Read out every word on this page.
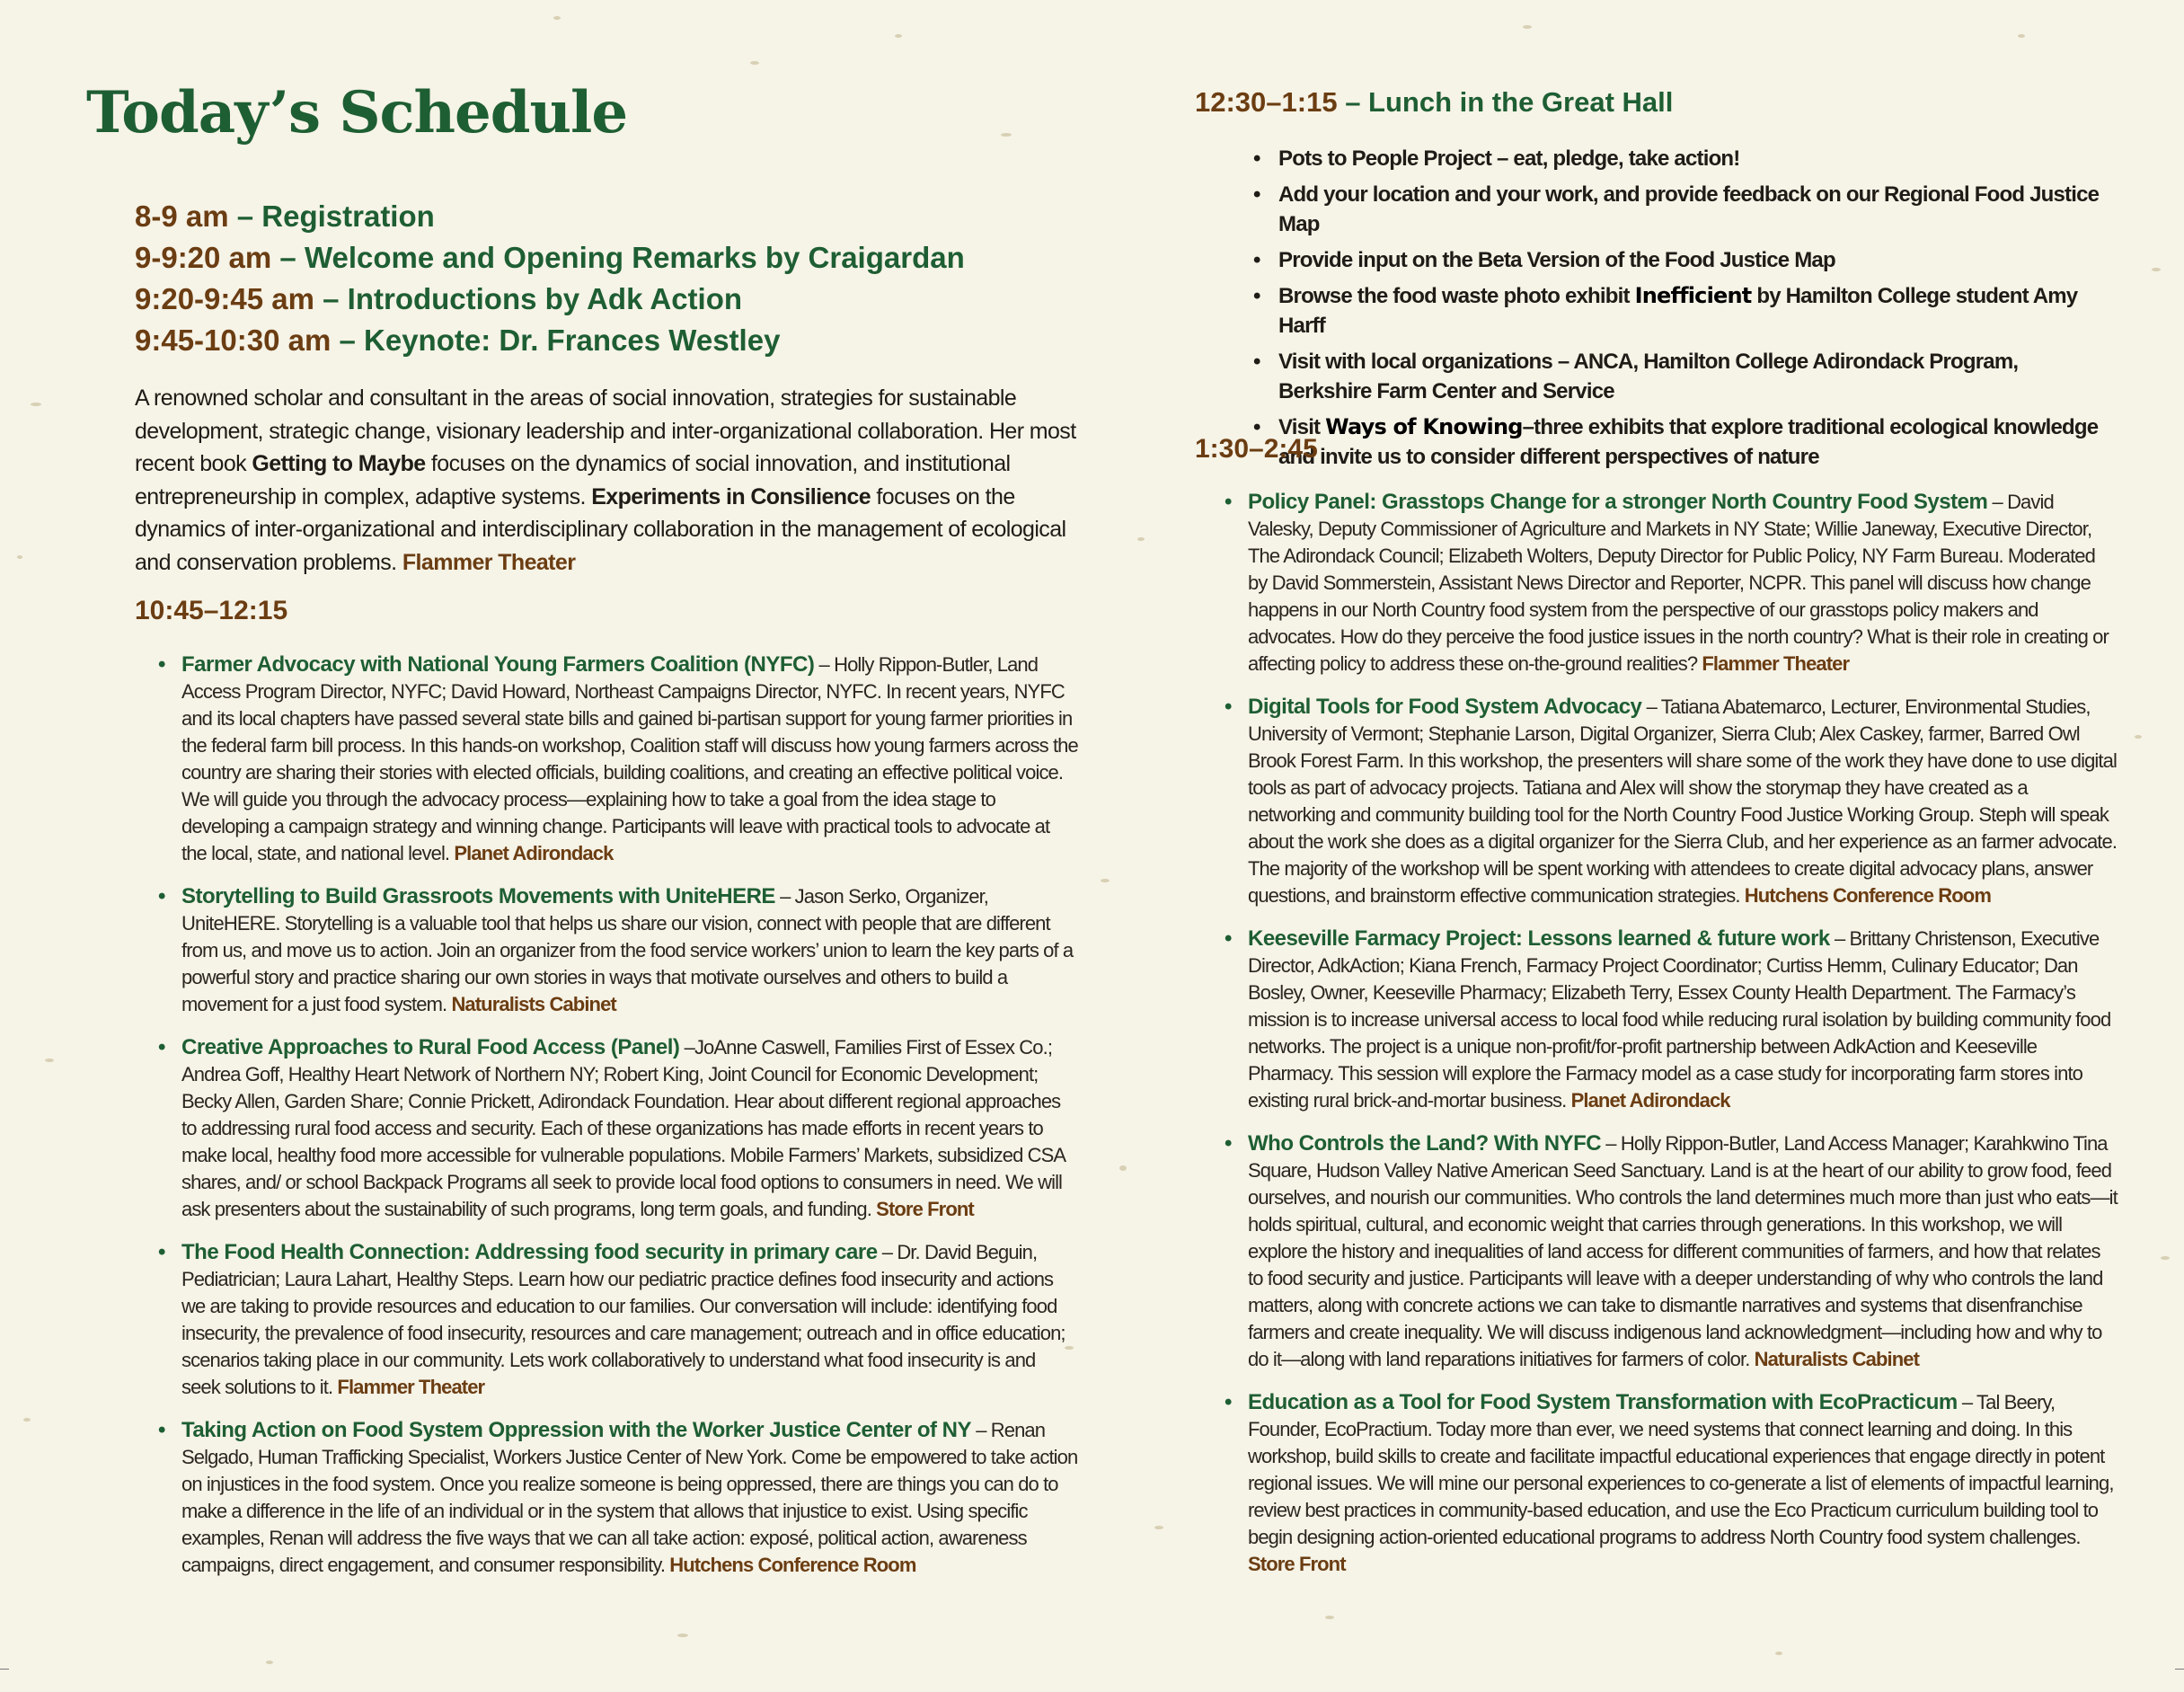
Today’s Schedule
8-9 am – Registration
9-9:20 am – Welcome and Opening Remarks by Craigardan
9:20-9:45 am – Introductions by Adk Action
9:45-10:30 am – Keynote: Dr. Frances Westley

A renowned scholar and consultant in the areas of social innovation, strategies for sustainable development, strategic change, visionary leadership and inter-organizational collaboration. Her most recent book Getting to Maybe focuses on the dynamics of social innovation, and institutional entrepreneurship in complex, adaptive systems. Experiments in Consilience focuses on the dynamics of inter-organizational and interdisciplinary collaboration in the management of ecological and conservation problems. Flammer Theater

10:45–12:15
• Farmer Advocacy with National Young Farmers Coalition (NYFC) – Holly Rippon-Butler, Land Access Program Director, NYFC; David Howard, Northeast Campaigns Director, NYFC. In recent years, NYFC and its local chapters have passed several state bills and gained bi-partisan support for young farmer priorities in the federal farm bill process. In this hands-on workshop, Coalition staff will discuss how young farmers across the country are sharing their stories with elected officials, building coalitions, and creating an effective political voice. We will guide you through the advocacy process—explaining how to take a goal from the idea stage to developing a campaign strategy and winning change. Participants will leave with practical tools to advocate at the local, state, and national level. Planet Adirondack
• Storytelling to Build Grassroots Movements with UniteHERE – Jason Serko, Organizer, UniteHERE. Storytelling is a valuable tool that helps us share our vision, connect with people that are different from us, and move us to action. Join an organizer from the food service workers’ union to learn the key parts of a powerful story and practice sharing our own stories in ways that motivate ourselves and others to build a movement for a just food system. Naturalists Cabinet
• Creative Approaches to Rural Food Access (Panel) –JoAnne Caswell, Families First of Essex Co.; Andrea Goff, Healthy Heart Network of Northern NY; Robert King, Joint Council for Economic Development; Becky Allen, Garden Share; Connie Prickett, Adirondack Foundation. Hear about different regional approaches to addressing rural food access and security. Each of these organizations has made efforts in recent years to make local, healthy food more accessible for vulnerable populations. Mobile Farmers’ Markets, subsidized CSA shares, and/ or school Backpack Programs all seek to provide local food options to consumers in need. We will ask presenters about the sustainability of such programs, long term goals, and funding. Store Front
• The Food Health Connection: Addressing food security in primary care – Dr. David Beguin, Pediatrician; Laura Lahart, Healthy Steps. Learn how our pediatric practice defines food insecurity and actions we are taking to provide resources and education to our families. Our conversation will include: identifying food insecurity, the prevalence of food insecurity, resources and care management; outreach and in office education; scenarios taking place in our community. Lets work collaboratively to understand what food insecurity is and seek solutions to it. Flammer Theater
• Taking Action on Food System Oppression with the Worker Justice Center of NY – Renan Selgado, Human Trafficking Specialist, Workers Justice Center of New York. Come be empowered to take action on injustices in the food system. Once you realize someone is being oppressed, there are things you can do to make a difference in the life of an individual or in the system that allows that injustice to exist. Using specific examples, Renan will address the five ways that we can all take action: exposé, political action, awareness campaigns, direct engagement, and consumer responsibility. Hutchens Conference Room
12:30–1:15 – Lunch in the Great Hall
• Pots to People Project – eat, pledge, take action!
• Add your location and your work, and provide feedback on our Regional Food Justice Map
• Provide input on the Beta Version of the Food Justice Map
• Browse the food waste photo exhibit Inefficient by Hamilton College student Amy Harff
• Visit with local organizations – ANCA, Hamilton College Adirondack Program, Berkshire Farm Center and Service
• Visit Ways of Knowing–three exhibits that explore traditional ecological knowledge and invite us to consider different perspectives of nature
1:30–2:45
• Policy Panel: Grasstops Change for a stronger North Country Food System – David Valesky, Deputy Commissioner of Agriculture and Markets in NY State; Willie Janeway, Executive Director, The Adirondack Council; Elizabeth Wolters, Deputy Director for Public Policy, NY Farm Bureau. Moderated by David Sommerstein, Assistant News Director and Reporter, NCPR. This panel will discuss how change happens in our North Country food system from the perspective of our grasstops policy makers and advocates. How do they perceive the food justice issues in the north country? What is their role in creating or affecting policy to address these on-the-ground realities? Flammer Theater
• Digital Tools for Food System Advocacy – Tatiana Abatemarco, Lecturer, Environmental Studies, University of Vermont; Stephanie Larson, Digital Organizer, Sierra Club; Alex Caskey, farmer, Barred Owl Brook Forest Farm. In this workshop, the presenters will share some of the work they have done to use digital tools as part of advocacy projects. Tatiana and Alex will show the storymap they have created as a networking and community building tool for the North Country Food Justice Working Group. Steph will speak about the work she does as a digital organizer for the Sierra Club, and her experience as an farmer advocate. The majority of the workshop will be spent working with attendees to create digital advocacy plans, answer questions, and brainstorm effective communication strategies. Hutchens Conference Room
• Keeseville Farmacy Project: Lessons learned & future work – Brittany Christenson, Executive Director, AdkAction; Kiana French, Farmacy Project Coordinator; Curtiss Hemm, Culinary Educator; Dan Bosley, Owner, Keeseville Pharmacy; Elizabeth Terry, Essex County Health Department. The Farmacy’s mission is to increase universal access to local food while reducing rural isolation by building community food networks. The project is a unique non-profit/for-profit partnership between AdkAction and Keeseville Pharmacy. This session will explore the Farmacy model as a case study for incorporating farm stores into existing rural brick-and-mortar business. Planet Adirondack
• Who Controls the Land? With NYFC – Holly Rippon-Butler, Land Access Manager; Karahkwino Tina Square, Hudson Valley Native American Seed Sanctuary. Land is at the heart of our ability to grow food, feed ourselves, and nourish our communities. Who controls the land determines much more than just who eats—it holds spiritual, cultural, and economic weight that carries through generations. In this workshop, we will explore the history and inequalities of land access for different communities of farmers, and how that relates to food security and justice. Participants will leave with a deeper understanding of why who controls the land matters, along with concrete actions we can take to dismantle narratives and systems that disenfranchise farmers and create inequality. We will discuss indigenous land acknowledgment—including how and why to do it—along with land reparations initiatives for farmers of color. Naturalists Cabinet
• Education as a Tool for Food System Transformation with EcoPracticum – Tal Beery, Founder, EcoPractium. Today more than ever, we need systems that connect learning and doing. In this workshop, build skills to create and facilitate impactful educational experiences that engage directly in potent regional issues. We will mine our personal experiences to co-generate a list of elements of impactful learning, review best practices in community-based education, and use the Eco Practicum curriculum building tool to begin designing action-oriented educational programs to address North Country food system challenges. Store Front
